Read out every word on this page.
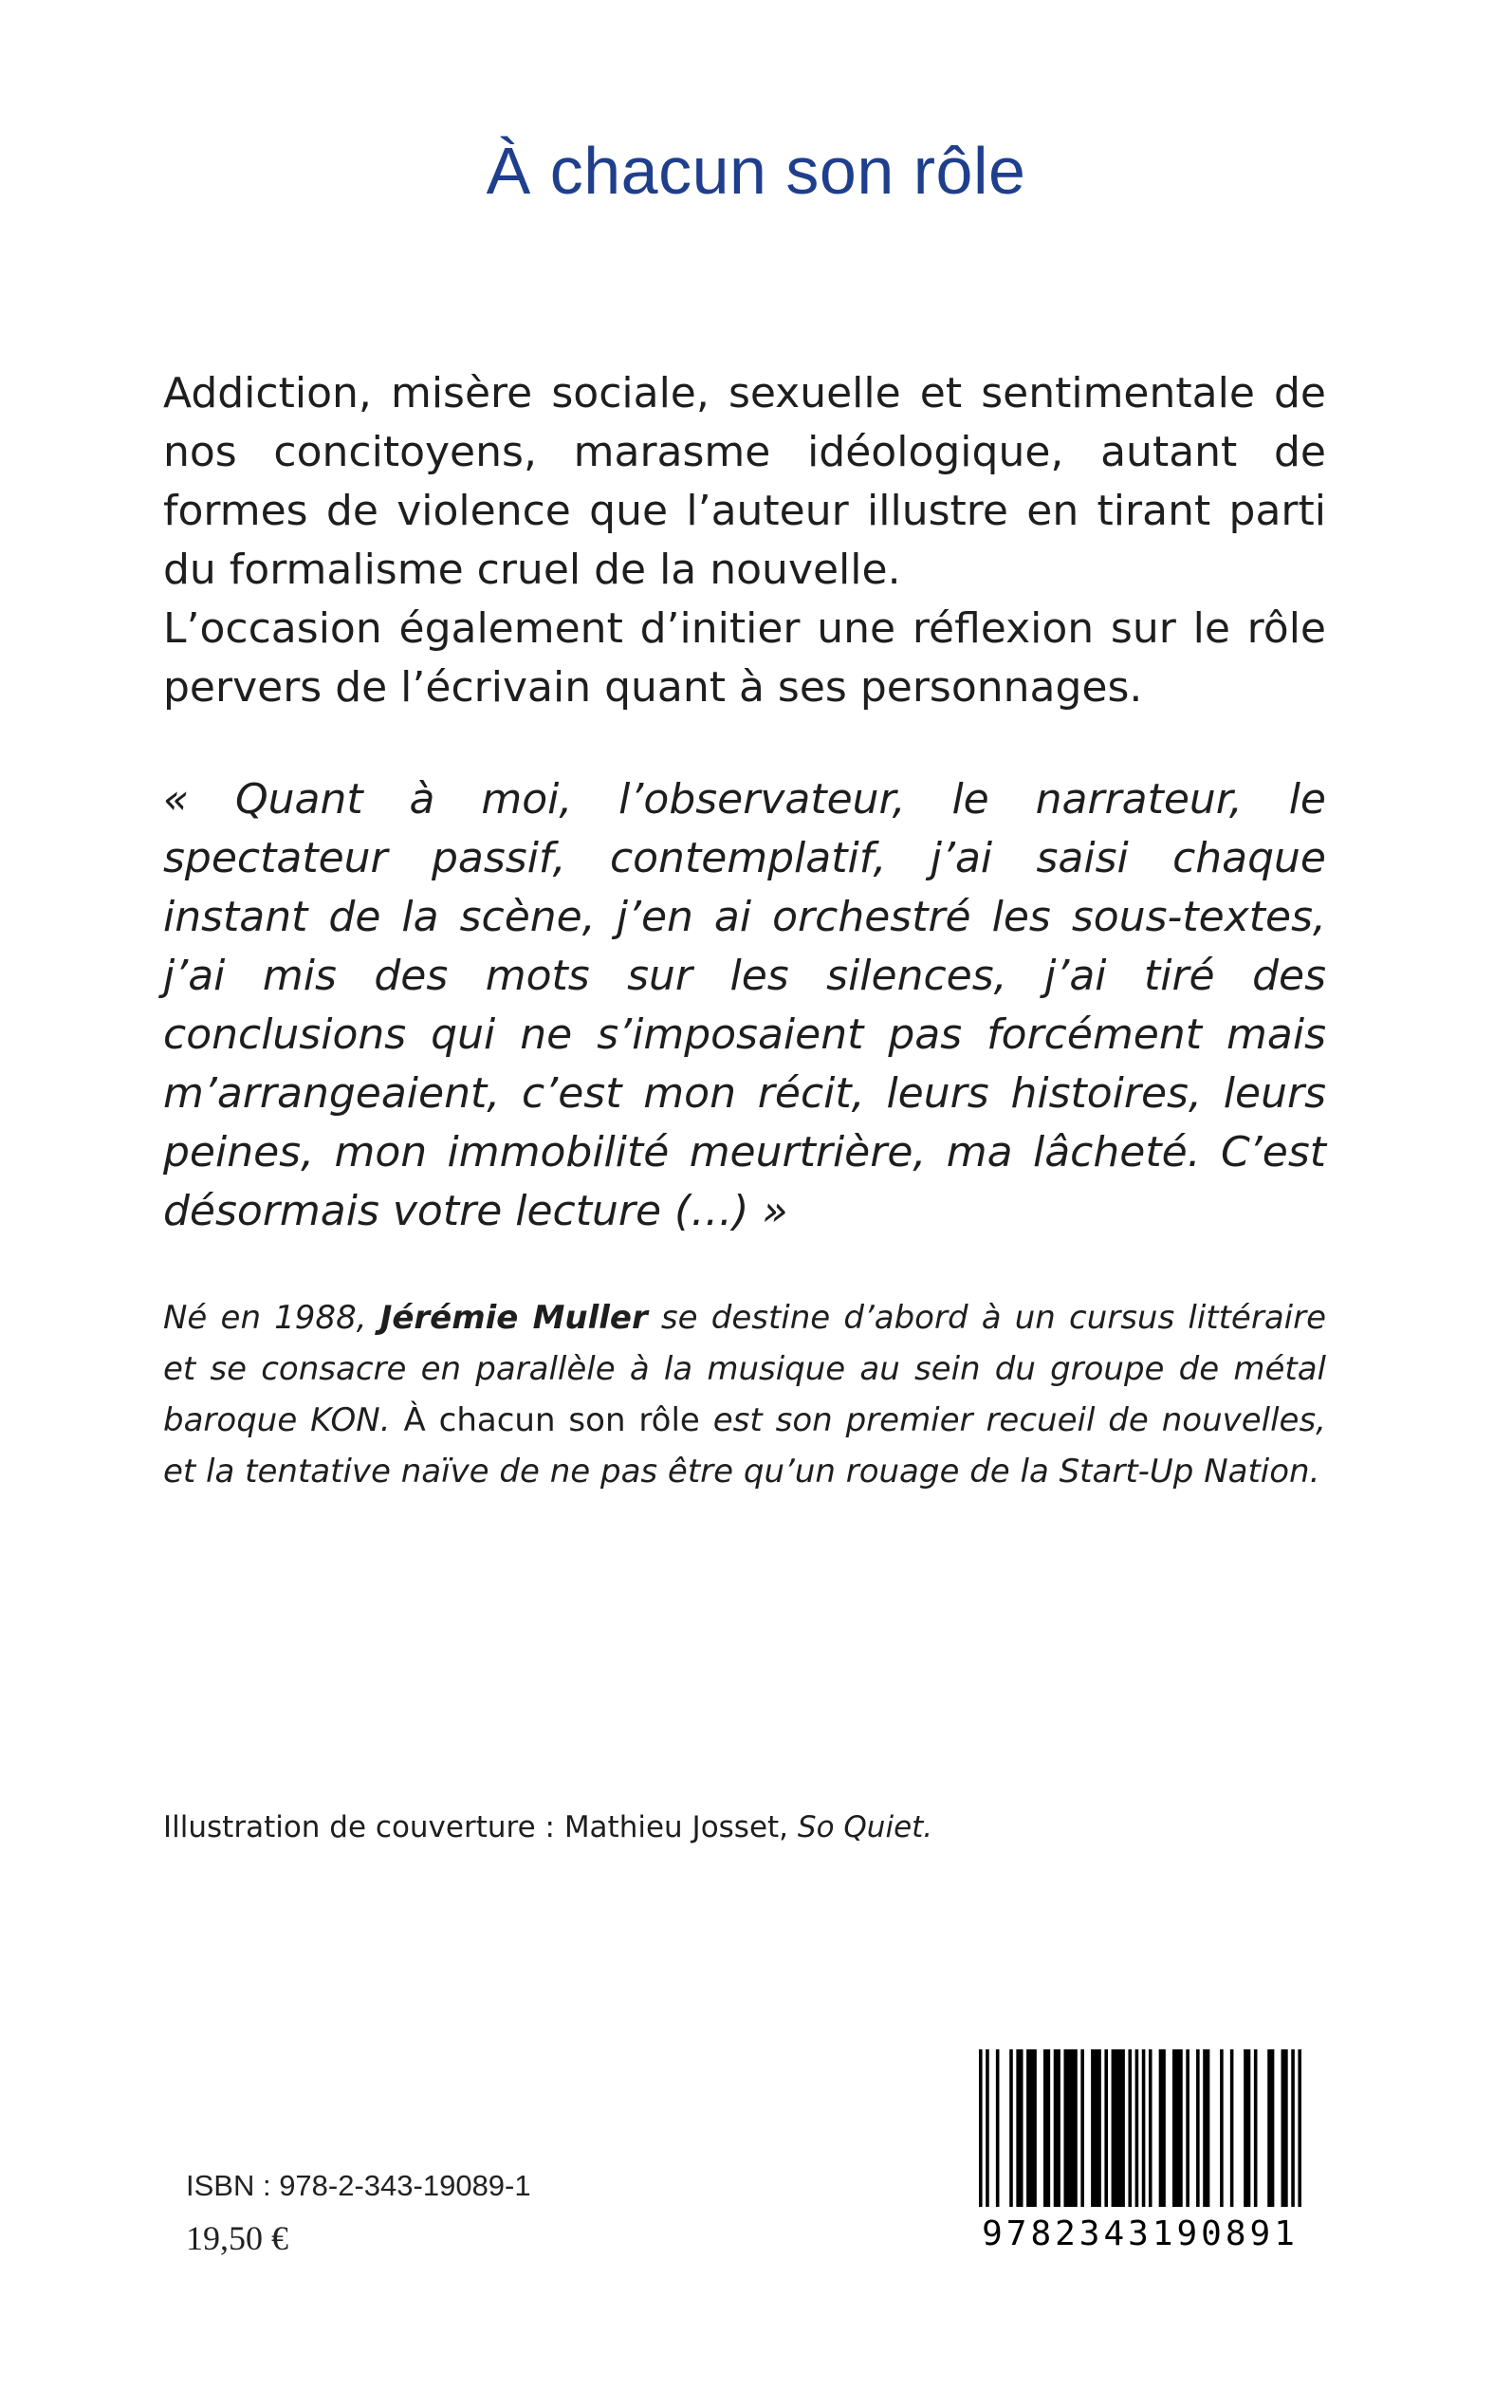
À chacun son rôle

Addiction, misère sociale, sexuelle et sentimentale de nos concitoyens, marasme idéologique, autant de formes de violence que l’auteur illustre en tirant parti du formalisme cruel de la nouvelle.

L’occasion également d’initier une réflexion sur le rôle pervers de l’écrivain quant à ses personnages.

« Quant à moi, l’observateur, le narrateur, le spectateur passif, contemplatif, j’ai saisi chaque instant de la scène, j’en ai orchestré les sous-textes, j’ai mis des mots sur les silences, j’ai tiré des conclusions qui ne s’imposaient pas forcément mais m’arrangeaient, c’est mon récit, leurs histoires, leurs peines, mon immobilité meurtrière, ma lâcheté. C’est désormais votre lecture (…) »
Né en 1988, Jérémie Muller se destine d’abord à un cursus littéraire et se consacre en parallèle à la musique au sein du groupe de métal baroque KON. À chacun son rôle est son premier recueil de nouvelles, et la tentative naïve de ne pas être qu’un rouage de la Start-Up Nation.
Illustration de couverture : Mathieu Josset, So Quiet.
ISBN : 978-2-343-19089-1
19,50 €	9782343190891
